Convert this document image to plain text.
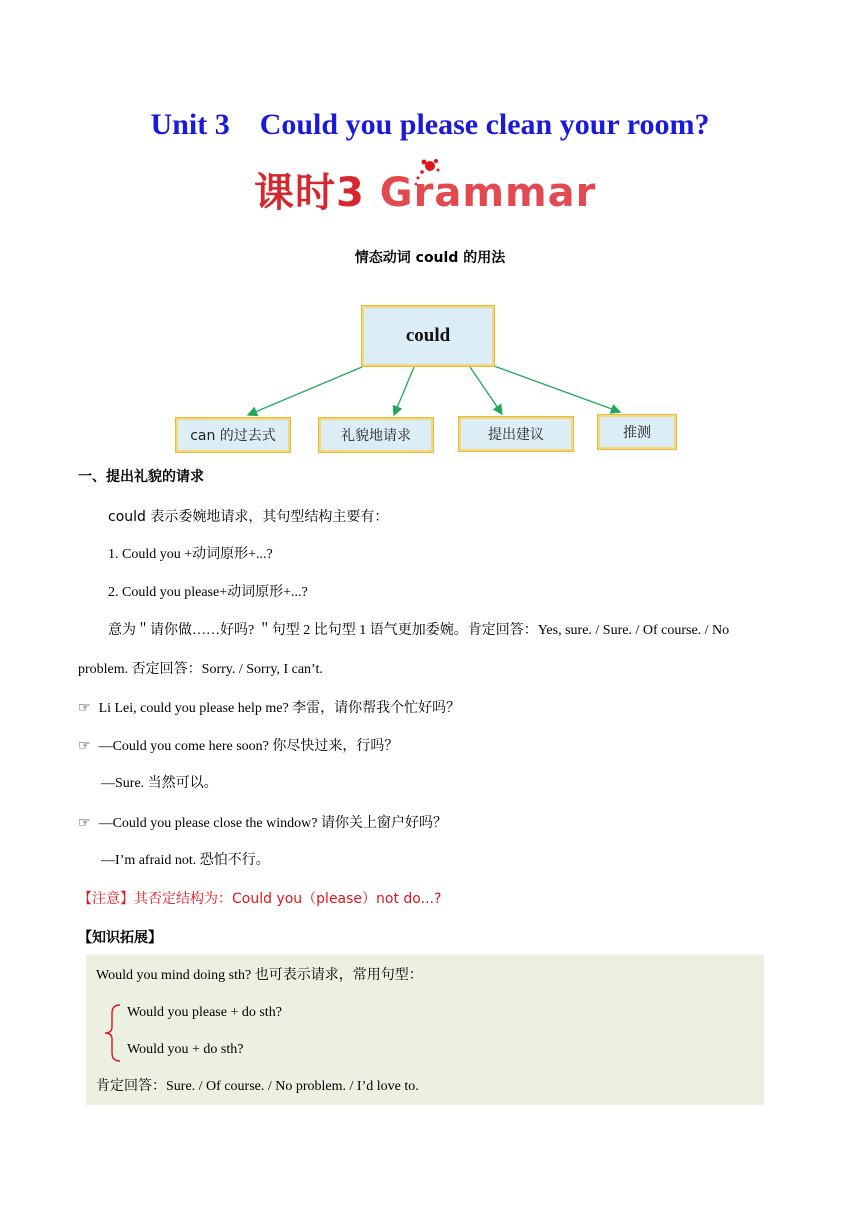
Unit 3    Could you please clean your room?
课时3 Grammar
情态动词 could 的用法
could
can 的过去式	礼貌地请求	提出建议	推测
一、提出礼貌的请求
could 表示委婉地请求，其句型结构主要有：
1. Could you +动词原形+...?
2. Could you please+动词原形+...?
意为＂请你做……好吗? ＂句型 2 比句型 1 语气更加委婉。肯定回答：Yes, sure. / Sure. / Of course. / No
problem. 否定回答：Sorry. / Sorry, I can’t.
☞ Li Lei, could you please help me? 李雷，请你帮我个忙好吗？
☞ —Could you come here soon? 你尽快过来，行吗？
—Sure. 当然可以。
☞ —Could you please close the window? 请你关上窗户好吗？
—I’m afraid not. 恐怕不行。
【注意】其否定结构为：Could you（please）not do...?
【知识拓展】
Would you mind doing sth? 也可表示请求，常用句型：
Would you please + do sth?
Would you + do sth?
肯定回答：Sure. / Of course. / No problem. / I’d love to.
